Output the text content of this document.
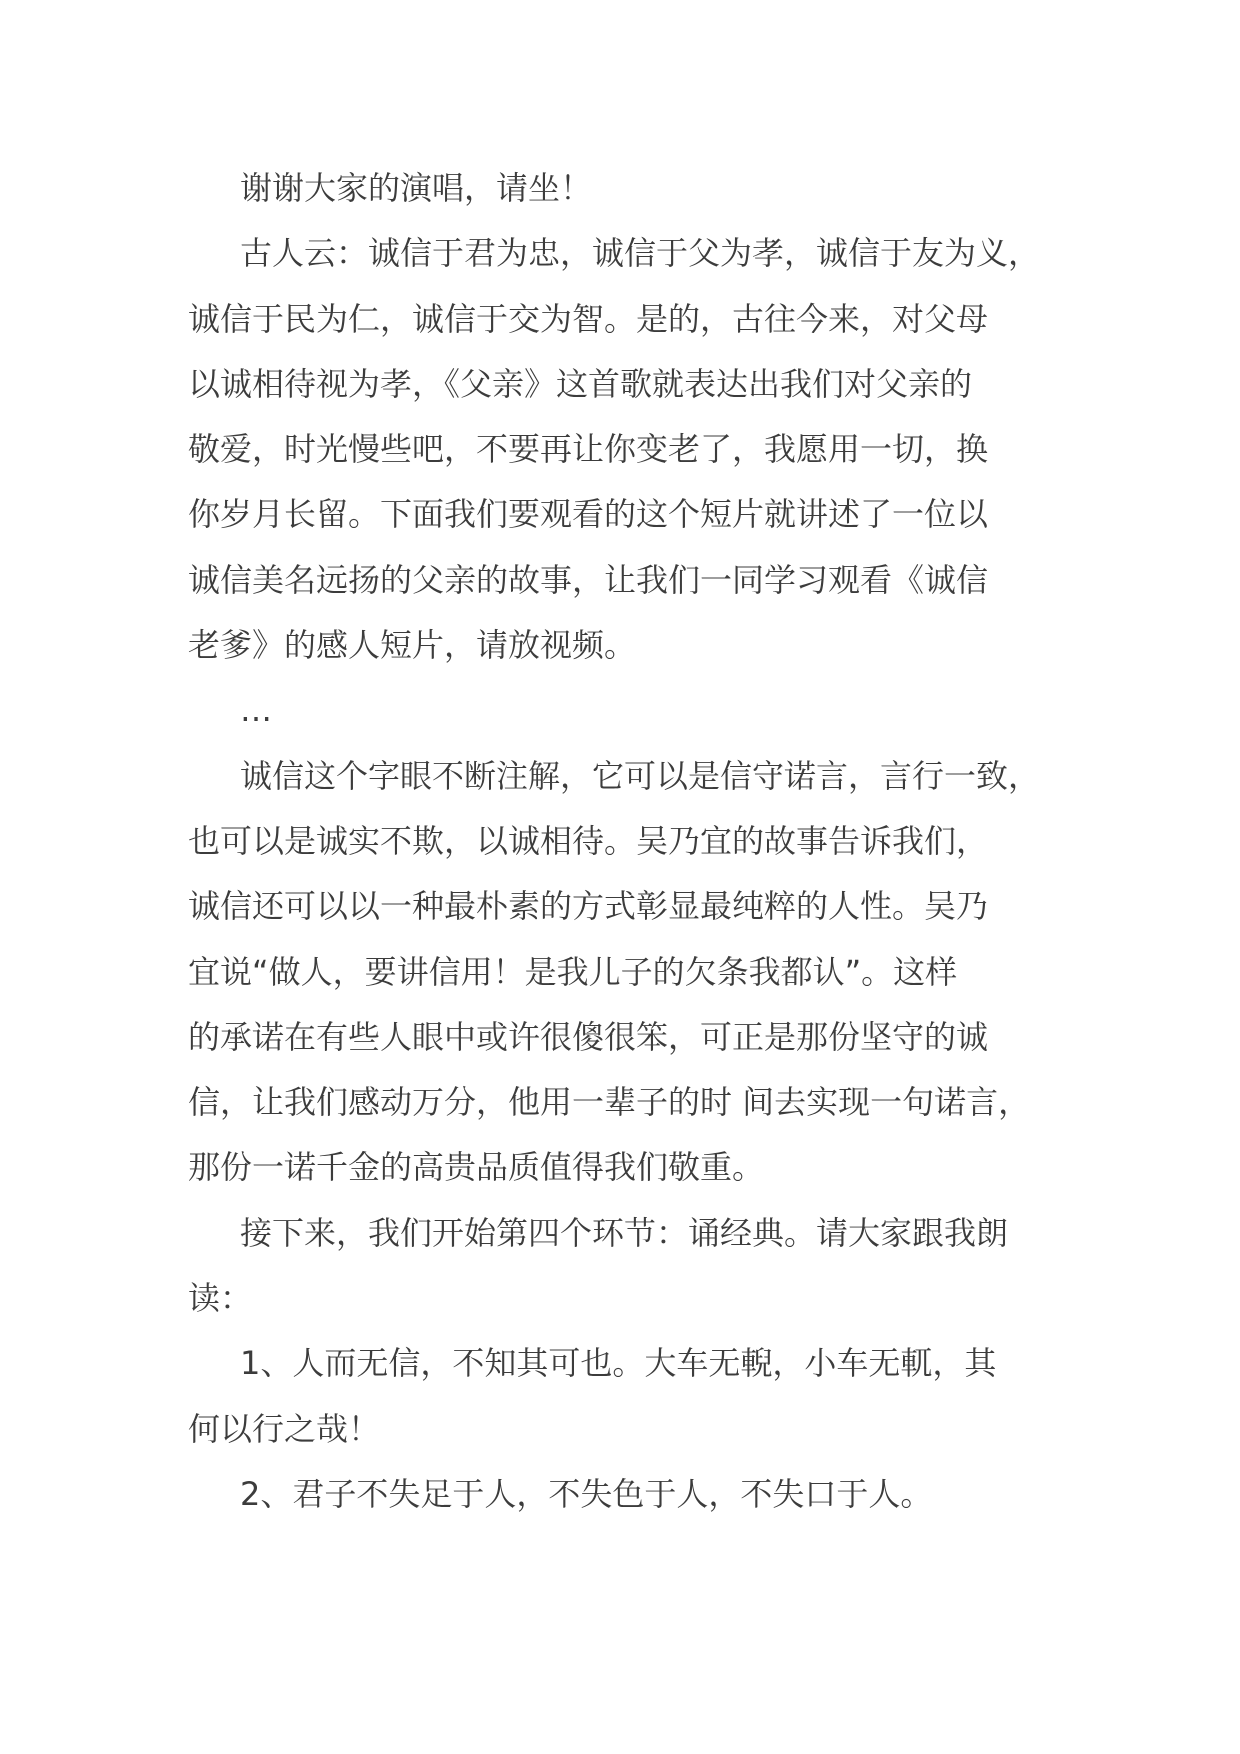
谢谢大家的演唱，请坐！
古人云：诚信于君为忠，诚信于父为孝，诚信于友为义，
诚信于民为仁，诚信于交为智。是的，古往今来，对父母
以诚相待视为孝，《父亲》这首歌就表达出我们对父亲的
敬爱，时光慢些吧，不要再让你变老了，我愿用一切，换
你岁月长留。下面我们要观看的这个短片就讲述了一位以
诚信美名远扬的父亲的故事，让我们一同学习观看《诚信
老爹》的感人短片，请放视频。
…
诚信这个字眼不断注解，它可以是信守诺言，言行一致，
也可以是诚实不欺，以诚相待。吴乃宜的故事告诉我们，
诚信还可以以一种最朴素的方式彰显最纯粹的人性。吴乃
宜说“做人，要讲信用！是我儿子的欠条我都认”。这样
的承诺在有些人眼中或许很傻很笨，可正是那份坚守的诚
信，让我们感动万分，他用一辈子的时 间去实现一句诺言，
那份一诺千金的高贵品质值得我们敬重。
接下来，我们开始第四个环节：诵经典。请大家跟我朗
读：
1、人而无信，不知其可也。大车无輗，小车无軏，其
何以行之哉！
2、君子不失足于人，不失色于人，不失口于人。
